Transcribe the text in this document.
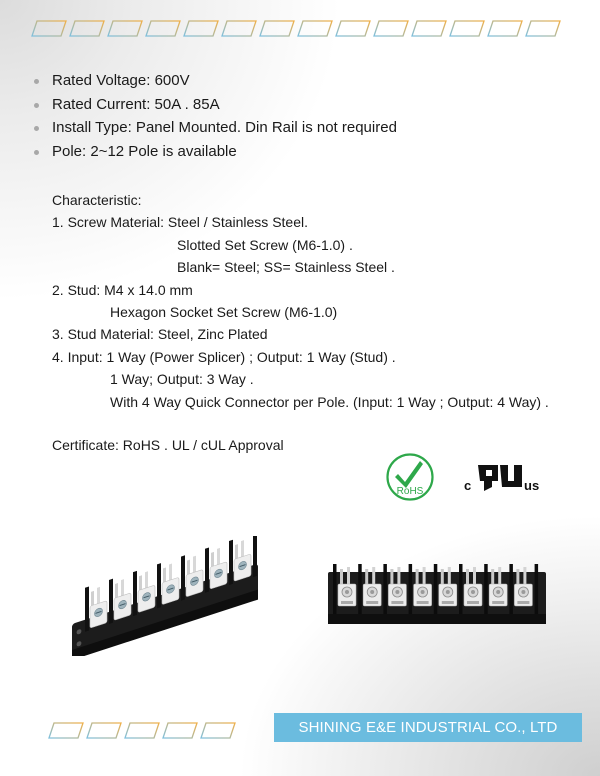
Rated Voltage: 600V
Rated Current: 50A . 85A
Install Type: Panel Mounted. Din Rail is not required
Pole: 2~12 Pole is available
Characteristic:
1. Screw Material: Steel / Stainless Steel.
Slotted Set Screw (M6-1.0) .
Blank= Steel; SS= Stainless Steel .
2. Stud: M4 x 14.0 mm
Hexagon Socket Set Screw (M6-1.0)
3. Stud Material: Steel, Zinc Plated
4. Input: 1 Way (Power Splicer) ; Output: 1 Way (Stud) .
1 Way; Output: 3 Way .
With 4 Way Quick Connector per Pole. (Input: 1 Way ; Output: 4 Way) .
Certificate: RoHS . UL / cUL Approval
RoHS	c	us
SHINING E&E INDUSTRIAL CO., LTD
